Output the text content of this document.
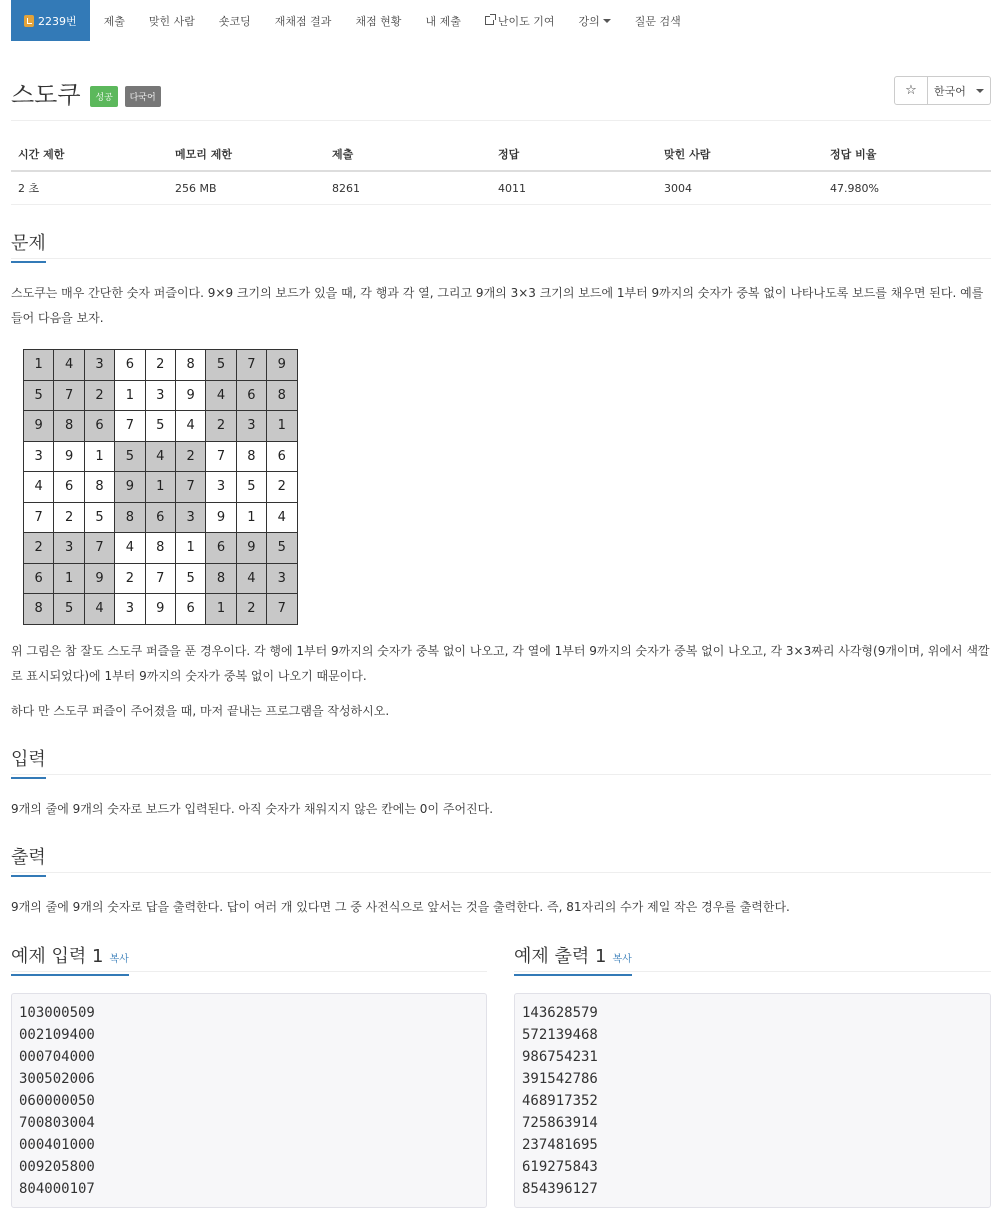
2239번	제출	맞힌 사람	숏코딩	재채점 결과	채점 현황	내 제출	난이도 기여 강의	질문 검색
스도쿠 성공 다국어	☆ 한국어
시간 제한	메모리 제한	제출	정답	맞힌 사람	정답 비율
2 초	256 MB	8261	4011	3004	47.980%
문제

스도쿠는 매우 간단한 숫자 퍼즐이다. 9×9 크기의 보드가 있을 때, 각 행과 각 열, 그리고 9개의 3×3 크기의 보드에 1부터 9까지의 숫자가 중복 없이 나타나도록 보드를 채우면 된다. 예를 들어 다음을 보자.

1	4	3	6	2	8	5	7	9
5	7	2	1	3	9	4	6	8
9	8	6	7	5	4	2	3	1
3	9	1	5	4	2	7	8	6
4	6	8	9	1	7	3	5	2
7	2	5	8	6	3	9	1	4
2	3	7	4	8	1	6	9	5
6	1	9	2	7	5	8	4	3
8	5	4	3	9	6	1	2	7

위 그림은 참 잘도 스도쿠 퍼즐을 푼 경우이다. 각 행에 1부터 9까지의 숫자가 중복 없이 나오고, 각 열에 1부터 9까지의 숫자가 중복 없이 나오고, 각 3×3짜리 사각형(9개이며, 위에서 색깔로 표시되었다)에 1부터 9까지의 숫자가 중복 없이 나오기 때문이다.

하다 만 스도쿠 퍼즐이 주어졌을 때, 마저 끝내는 프로그램을 작성하시오.

입력

9개의 줄에 9개의 숫자로 보드가 입력된다. 아직 숫자가 채워지지 않은 칸에는 0이 주어진다.

출력

9개의 줄에 9개의 숫자로 답을 출력한다. 답이 여러 개 있다면 그 중 사전식으로 앞서는 것을 출력한다. 즉, 81자리의 수가 제일 작은 경우를 출력한다.

예제 입력 1 복사	예제 출력 1 복사
103000509
002109400
000704000
300502006
060000050
700803004
000401000
009205800
804000107
143628579
572139468
986754231
391542786
468917352
725863914
237481695
619275843
854396127
